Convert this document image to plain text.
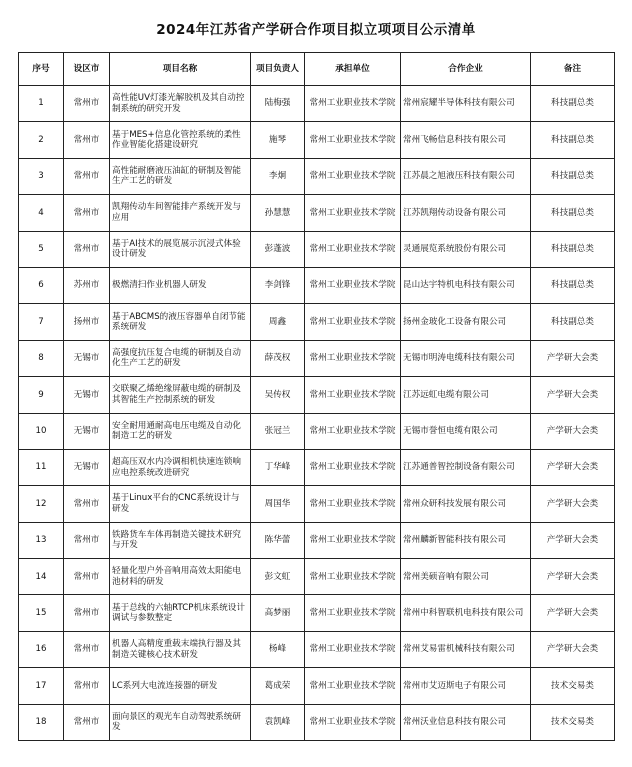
2024年江苏省产学研合作项目拟立项项目公示清单
序号	设区市	项目名称	项目负责人	承担单位	合作企业	备注
1	常州市	高性能UV灯漆光解胶机及其自动控制系统的研究开发	陆梅强	常州工业职业技术学院	常州宸耀半导体科技有限公司	科技副总类
2	常州市	基于MES+信息化管控系统的柔性作业智能化搭建设研究	施琴	常州工业职业技术学院	常州飞畅信息科技有限公司	科技副总类
3	常州市	高性能耐磨液压油缸的研制及智能生产工艺的研发	李炯	常州工业职业技术学院	江苏晨之旭液压科技有限公司	科技副总类
4	常州市	凯翔传动车间智能排产系统开发与应用	孙慧慧	常州工业职业技术学院	江苏凯翔传动设备有限公司	科技副总类
5	常州市	基于AI技术的展览展示沉浸式体验设计研发	彭蓬波	常州工业职业技术学院	灵通展览系统股份有限公司	科技副总类
6	苏州市	极燃清扫作业机器人研发	李剑锋	常州工业职业技术学院	昆山达宇特机电科技有限公司	科技副总类
7	扬州市	基于ABCMS的液压容器单自闭节能系统研发	周鑫	常州工业职业技术学院	扬州金玻化工设备有限公司	科技副总类
8	无锡市	高强度抗压复合电缆的研制及自动化生产工艺的研发	薛茂权	常州工业职业技术学院	无锡市明涛电缆科技有限公司	产学研大会类
9	无锡市	交联聚乙烯绝缘屏蔽电缆的研制及其智能生产控制系统的研发	吴传权	常州工业职业技术学院	江苏远虹电缆有限公司	产学研大会类
10	无锡市	安全耐用通耐高电压电缆及自动化制造工艺的研发	张冠兰	常州工业职业技术学院	无锡市誉恒电缆有限公司	产学研大会类
11	无锡市	超高压双水内冷调相机快速连锁响应电控系统改进研究	丁华峰	常州工业职业技术学院	江苏通普智控制设备有限公司	产学研大会类
12	常州市	基于Linux平台的CNC系统设计与研发	周国华	常州工业职业技术学院	常州众研科技发展有限公司	产学研大会类
13	常州市	铁路货车车体再制造关键技术研究与开发	陈华蕾	常州工业职业技术学院	常州麟新智能科技有限公司	产学研大会类
14	常州市	轻量化型户外音响用高效太阳能电池材料的研发	彭文虹	常州工业职业技术学院	常州美硕音响有限公司	产学研大会类
15	常州市	基于总线的六轴RTCP机床系统设计调试与参数整定	高梦丽	常州工业职业技术学院	常州中科智联机电科技有限公司	产学研大会类
16	常州市	机器人高精度重载末端执行器及其制造关键核心技术研发	杨峰	常州工业职业技术学院	常州艾易雷机械科技有限公司	产学研大会类
17	常州市	LC系列大电流连接器的研发	葛成荣	常州工业职业技术学院	常州市艾迈斯电子有限公司	技术交易类
18	常州市	面向景区的观光车自动驾驶系统研发	袁凯峰	常州工业职业技术学院	常州沃业信息科技有限公司	技术交易类
